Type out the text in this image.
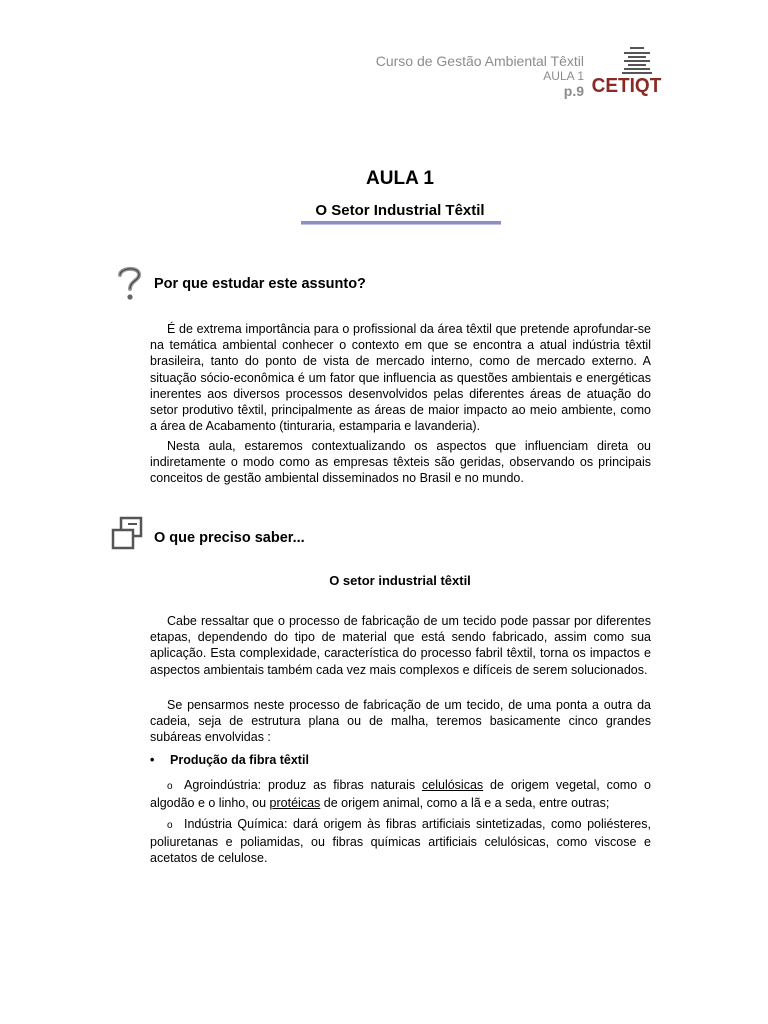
Curso de Gestão Ambiental Têxtil
AULA 1
p.9 CETIQT
AULA 1
O Setor Industrial Têxtil
Por que estudar este assunto?

É de extrema importância para o profissional da área têxtil que pretende aprofundar-se na temática ambiental conhecer o contexto em que se encontra a atual indústria têxtil brasileira, tanto do ponto de vista de mercado interno, como de mercado externo. A situação sócio-econômica é um fator que influencia as questões ambientais e energéticas inerentes aos diversos processos desenvolvidos pelas diferentes áreas de atuação do setor produtivo têxtil, principalmente as áreas de maior impacto ao meio ambiente, como a área de Acabamento (tinturaria, estamparia e lavanderia).

Nesta aula, estaremos contextualizando os aspectos que influenciam direta ou indiretamente o modo como as empresas têxteis são geridas, observando os principais conceitos de gestão ambiental disseminados no Brasil e no mundo.

O que preciso saber...
O setor industrial têxtil

Cabe ressaltar que o processo de fabricação de um tecido pode passar por diferentes etapas, dependendo do tipo de material que está sendo fabricado, assim como sua aplicação. Esta complexidade, característica do processo fabril têxtil, torna os impactos e aspectos ambientais também cada vez mais complexos e difíceis de serem solucionados.

Se pensarmos neste processo de fabricação de um tecido, de uma ponta a outra da cadeia, seja de estrutura plana ou de malha, teremos basicamente cinco grandes subáreas envolvidas :

• Produção da fibra têxtil

o Agroindústria: produz as fibras naturais celulósicas de origem vegetal, como o algodão e o linho, ou protéicas de origem animal, como a lã e a seda, entre outras;

o Indústria Química: dará origem às fibras artificiais sintetizadas, como poliésteres, poliuretanas e poliamidas, ou fibras químicas artificiais celulósicas, como viscose e acetatos de celulose.
